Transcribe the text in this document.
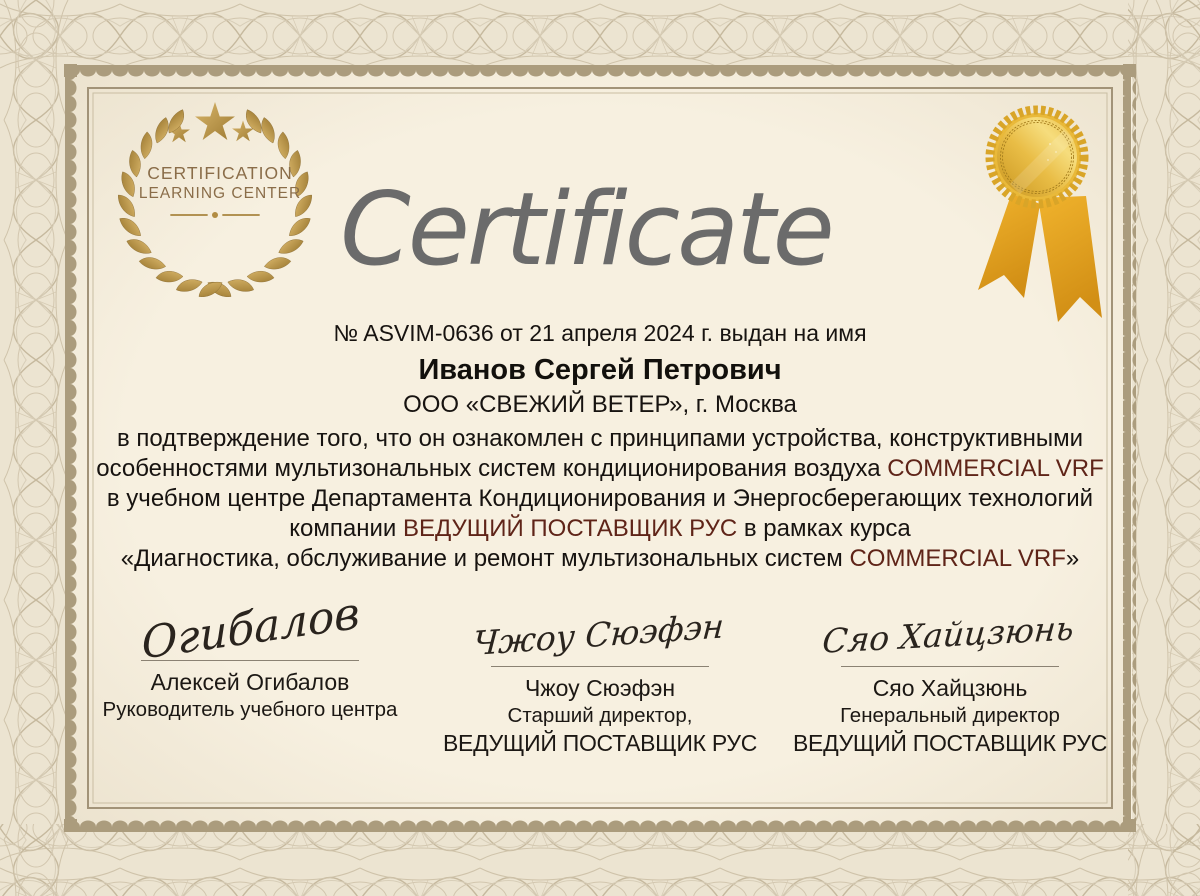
CERTIFICATION
LEARNING CENTER Certificate
№ ASVIM-0636 от 21 апреля 2024 г. выдан на имя
Иванов Сергей Петрович
ООО «СВЕЖИЙ ВЕТЕР», г. Москва
в подтверждение того, что он ознакомлен с принципами устройства, конструктивными
особенностями мультизональных систем кондиционирования воздуха COMMERCIAL VRF
в учебном центре Департамента Кондиционирования и Энергосберегающих технологий
компании ВЕДУЩИЙ ПОСТАВЩИК РУС в рамках курса
«Диагностика, обслуживание и ремонт мультизональных систем COMMERCIAL VRF»
Огибалов
Алексей Огибалов
Руководитель учебного центра
Чжоу Сюэфэн
Чжоу Сюэфэн
Старший директор,
ВЕДУЩИЙ ПОСТАВЩИК РУС
Сяо Хайцзюнь
Сяо Хайцзюнь
Генеральный директор
ВЕДУЩИЙ ПОСТАВЩИК РУС
